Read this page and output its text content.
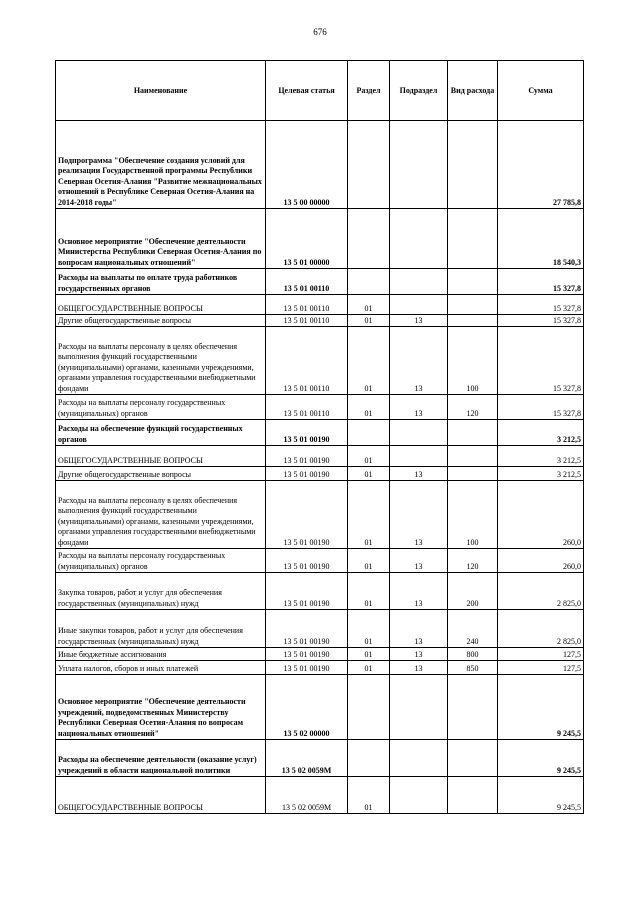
676
Наименование	Целевая статья	Раздел	Подраздел	Вид расхода	Сумма
Подпрограмма "Обеспечение создания условий для реализации Государственной программы Республики Северная Осетия-Алания "Развитие межнациональных отношений в Республике Северная Осетия-Алания на 2014-2018 годы"	13 5 00 00000				27 785,8
Основное мероприятие "Обеспечение деятельности Министерства Республики Северная Осетия-Алания по вопросам национальных отношений"	13 5 01 00000				18 540,3
Расходы на выплаты по оплате труда работников государственных органов	13 5 01 00110				15 327,8
ОБЩЕГОСУДАРСТВЕННЫЕ ВОПРОСЫ	13 5 01 00110	01			15 327,8
Другие общегосударственные вопросы	13 5 01 00110	01	13		15 327,8
Расходы на выплаты персоналу в целях обеспечения выполнения функций государственными (муниципальными) органами, казенными учреждениями, органами управления государственными внебюджетными фондами	13 5 01 00110	01	13	100	15 327,8
Расходы на выплаты персоналу государственных (муниципальных) органов	13 5 01 00110	01	13	120	15 327,8
Расходы на обеспечение функций государственных органов	13 5 01 00190				3 212,5
ОБЩЕГОСУДАРСТВЕННЫЕ ВОПРОСЫ	13 5 01 00190	01			3 212,5
Другие общегосударственные вопросы	13 5 01 00190	01	13		3 212,5
Расходы на выплаты персоналу в целях обеспечения выполнения функций государственными (муниципальными) органами, казенными учреждениями, органами управления государственными внебюджетными фондами	13 5 01 00190	01	13	100	260,0
Расходы на выплаты персоналу государственных (муниципальных) органов	13 5 01 00190	01	13	120	260,0
Закупка товаров, работ и услуг для обеспечения государственных (муниципальных) нужд	13 5 01 00190	01	13	200	2 825,0
Иные закупки товаров, работ и услуг для обеспечения государственных (муниципальных) нужд	13 5 01 00190	01	13	240	2 825,0
Иные бюджетные ассигнования	13 5 01 00190	01	13	800	127,5
Уплата налогов, сборов и иных платежей	13 5 01 00190	01	13	850	127,5
Основное мероприятие "Обеспечение деятельности учреждений, подведомственных Министерству Республики Северная Осетия-Алания по вопросам национальных отношений"	13 5 02 00000				9 245,5
Расходы на обеспечение деятельности (оказание услуг) учреждений в области национальной политики	13 5 02 0059М				9 245,5
ОБЩЕГОСУДАРСТВЕННЫЕ ВОПРОСЫ	13 5 02 0059М	01			9 245,5
